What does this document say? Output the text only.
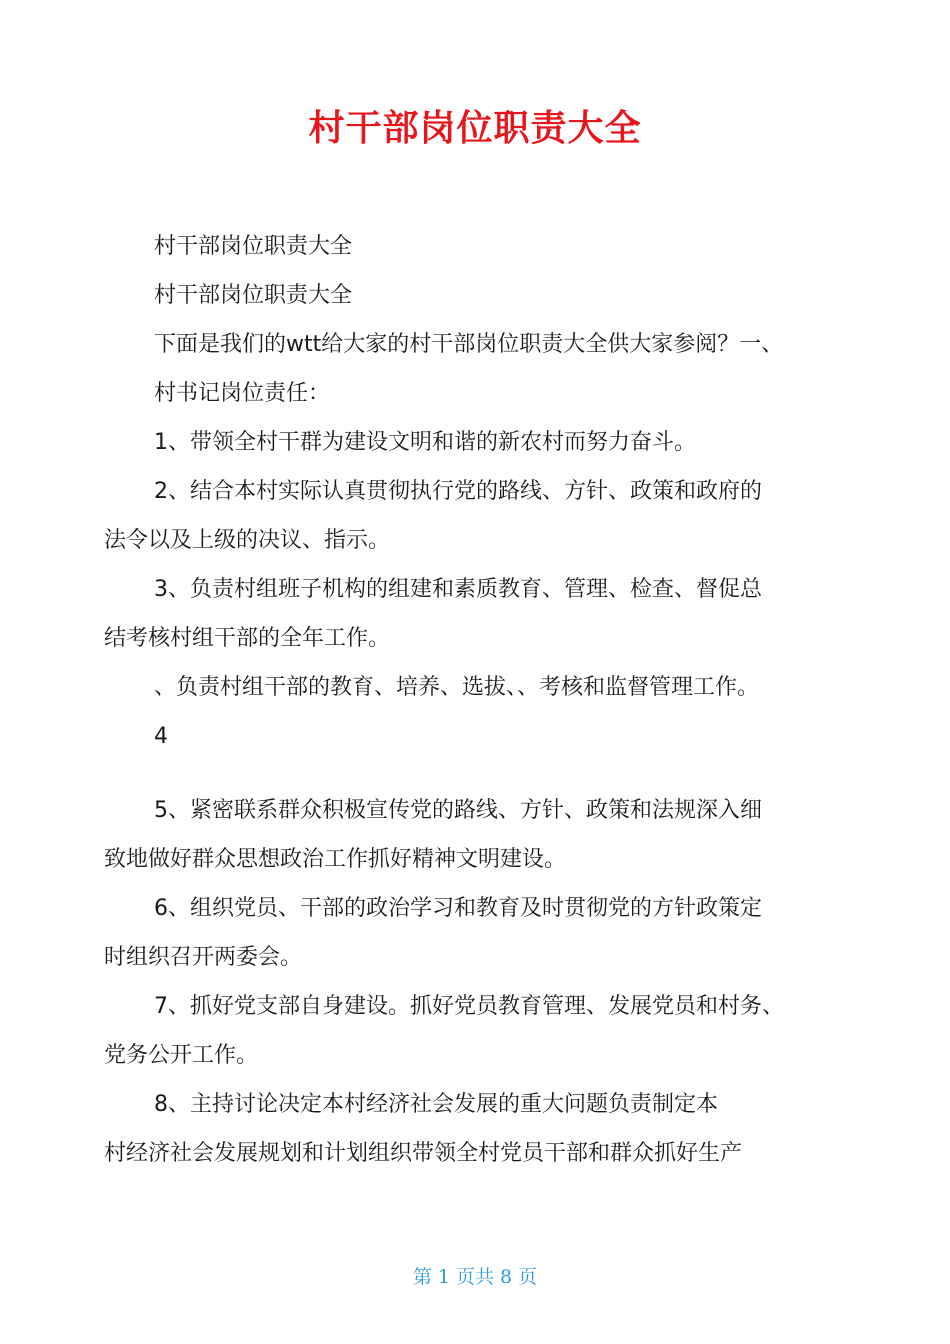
村干部岗位职责大全
村干部岗位职责大全
村干部岗位职责大全
下面是我们的wtt给大家的村干部岗位职责大全供大家参阅？一、
村书记岗位责任：
1、带领全村干群为建设文明和谐的新农村而努力奋斗。
2、结合本村实际认真贯彻执行党的路线、方针、政策和政府的
法令以及上级的决议、指示。
3、负责村组班子机构的组建和素质教育、管理、检查、督促总
结考核村组干部的全年工作。
、负责村组干部的教育、培养、选拔、、考核和监督管理工作。
4
5、紧密联系群众积极宣传党的路线、方针、政策和法规深入细
致地做好群众思想政治工作抓好精神文明建设。
6、组织党员、干部的政治学习和教育及时贯彻党的方针政策定
时组织召开两委会。
7、抓好党支部自身建设。抓好党员教育管理、发展党员和村务、
党务公开工作。
8、主持讨论决定本村经济社会发展的重大问题负责制定本
村经济社会发展规划和计划组织带领全村党员干部和群众抓好生产
第 1 页共 8 页
